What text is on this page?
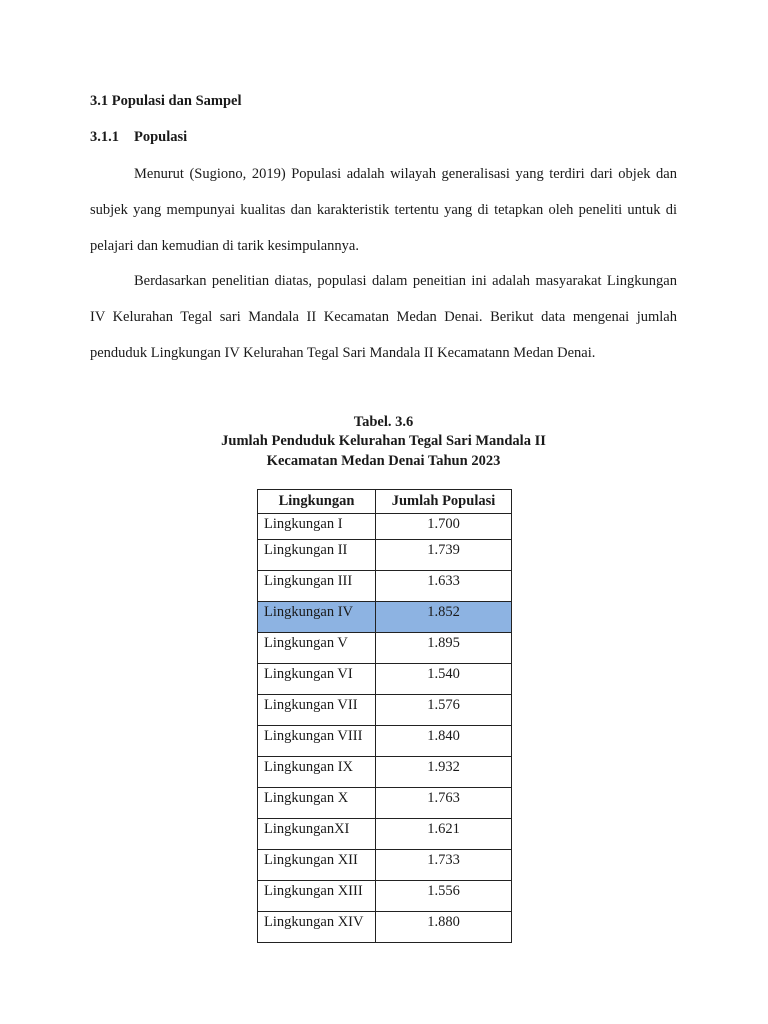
3.1 Populasi dan Sampel
3.1.1 Populasi

Menurut (Sugiono, 2019) Populasi adalah wilayah generalisasi yang terdiri dari objek dan subjek yang mempunyai kualitas dan karakteristik tertentu yang di tetapkan oleh peneliti untuk di pelajari dan kemudian di tarik kesimpulannya.

Berdasarkan penelitian diatas, populasi dalam peneitian ini adalah masyarakat Lingkungan IV Kelurahan Tegal sari Mandala II Kecamatan Medan Denai. Berikut data mengenai jumlah penduduk Lingkungan IV Kelurahan Tegal Sari Mandala II Kecamatann Medan Denai.

Tabel. 3.6
Jumlah Penduduk Kelurahan Tegal Sari Mandala II
Kecamatan Medan Denai Tahun 2023
Lingkungan	Jumlah Populasi
Lingkungan I	1.700
Lingkungan II	1.739
Lingkungan III	1.633
Lingkungan IV	1.852
Lingkungan V	1.895
Lingkungan VI	1.540
Lingkungan VII	1.576
Lingkungan VIII	1.840
Lingkungan IX	1.932
Lingkungan X	1.763
LingkunganXI	1.621
Lingkungan XII	1.733
Lingkungan XIII	1.556
Lingkungan XIV	1.880
